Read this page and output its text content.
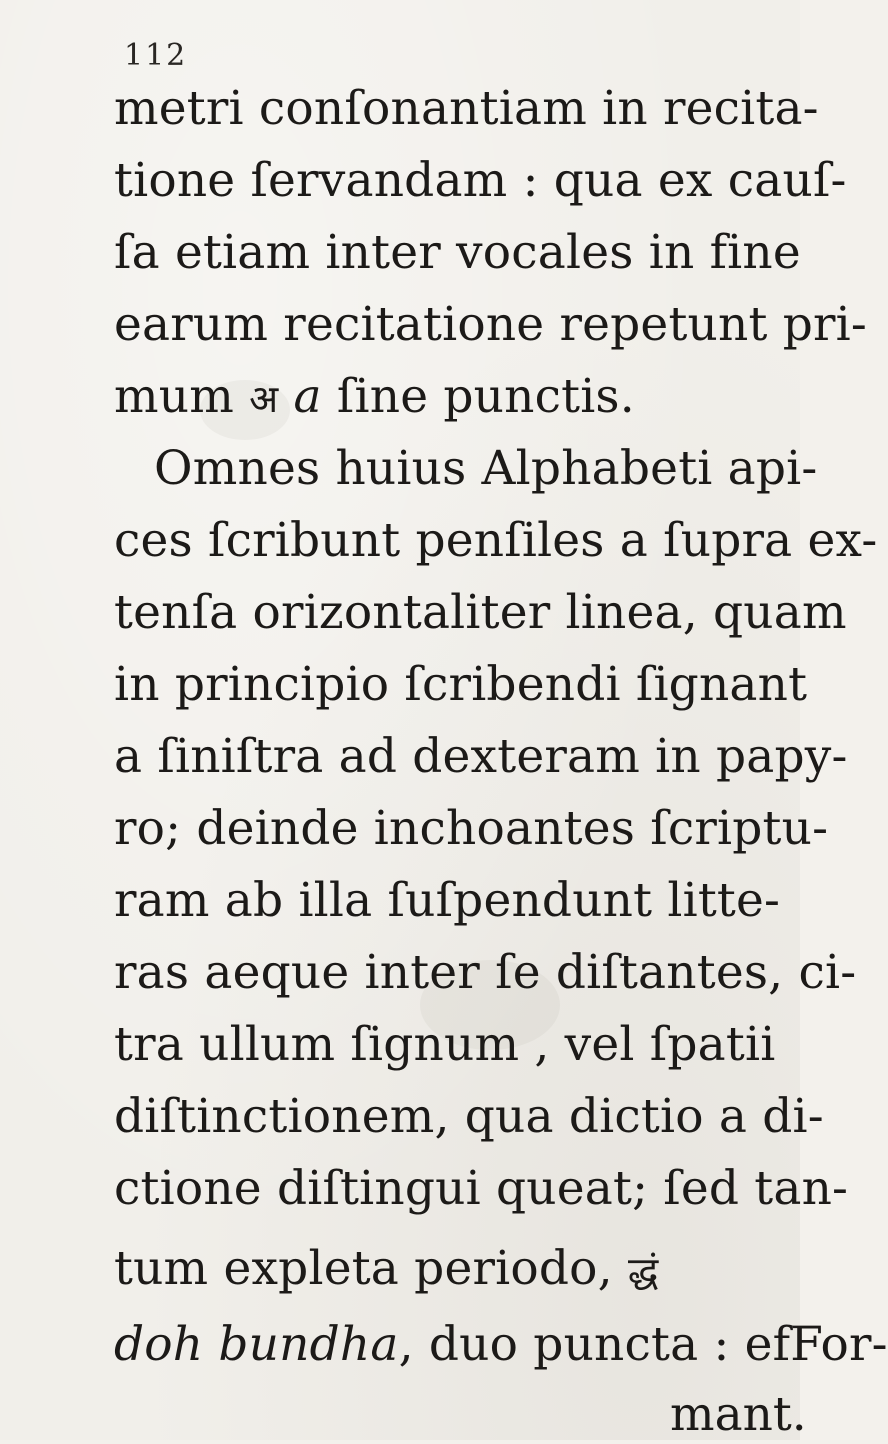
112
metri conſonantiam in recita-
tione ſervandam : qua ex cauſ-
ſa etiam inter vocales in fine
earum recitatione repetunt pri-
mum अ a ſine punctis.
Omnes huius Alphabeti api-
ces ſcribunt penſiles a ſupra ex-
tenſa orizontaliter linea, quam
in principio ſcribendi ſignant
a ſiniſtra ad dexteram in papy-
ro; deinde inchoantes ſcriptu-
ram ab illa ſuſpendunt litte-
ras aeque inter ſe diſtantes, ci-
tra ullum ſignum , vel ſpatii
diſtinctionem, qua dictio a di-
ctione diſtingui queat; ſed tan-
tum expleta periodo, द्धं
doh bundha, duo puncta : efFor-
mant.
